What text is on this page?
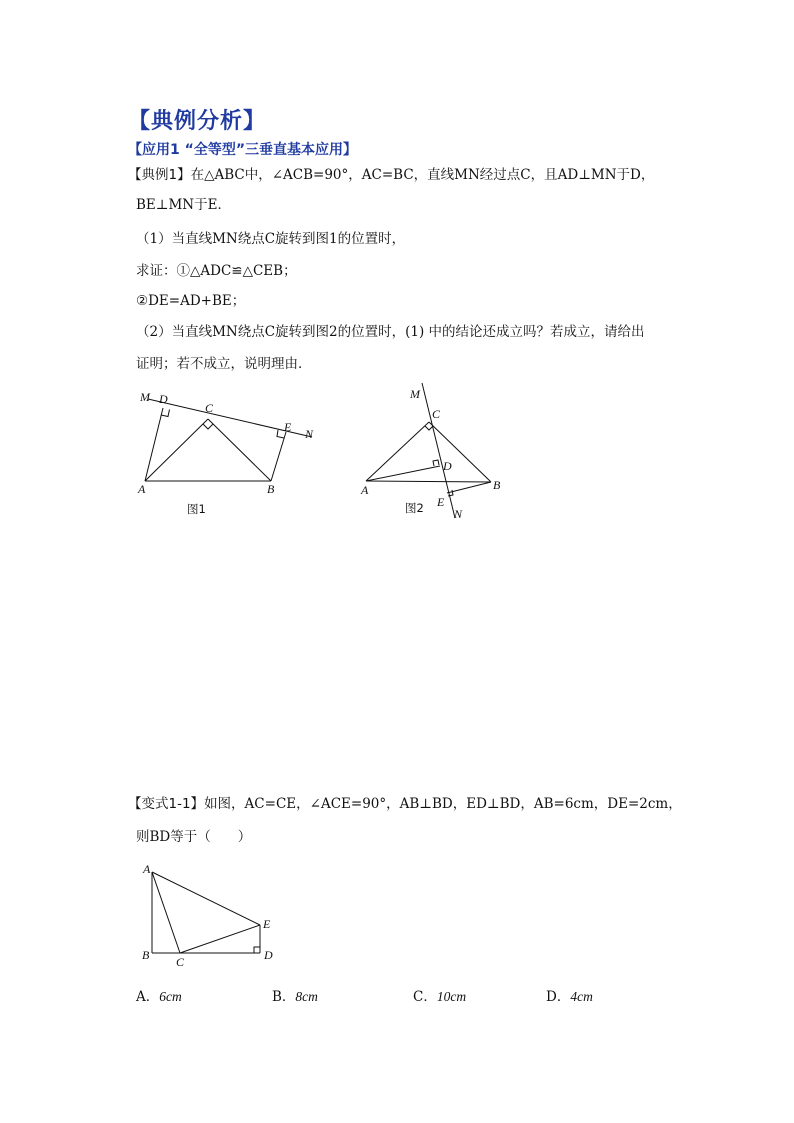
【典例分析】
【应用1 “全等型”三垂直基本应用】
【典例1】在△ABC中，∠ACB=90°，AC=BC，直线MN经过点C，且AD⊥MN于D，
BE⊥MN于E．
（1）当直线MN绕点C旋转到图1的位置时，
求证：①△ADC≌△CEB；
②DE=AD+BE；
（2）当直线MN绕点C旋转到图2的位置时，(1) 中的结论还成立吗？若成立，请给出
证明；若不成立，说明理由．
M D
C
E N
A	B
图1
M
C
D
A	B
E
N
图2
【变式1-1】如图，AC=CE，∠ACE=90°，AB⊥BD，ED⊥BD，AB=6cm，DE=2cm，
则BD等于（　　）
A
E
B C	D
A．6cm	B．8cm	C．10cm	D．4cm
